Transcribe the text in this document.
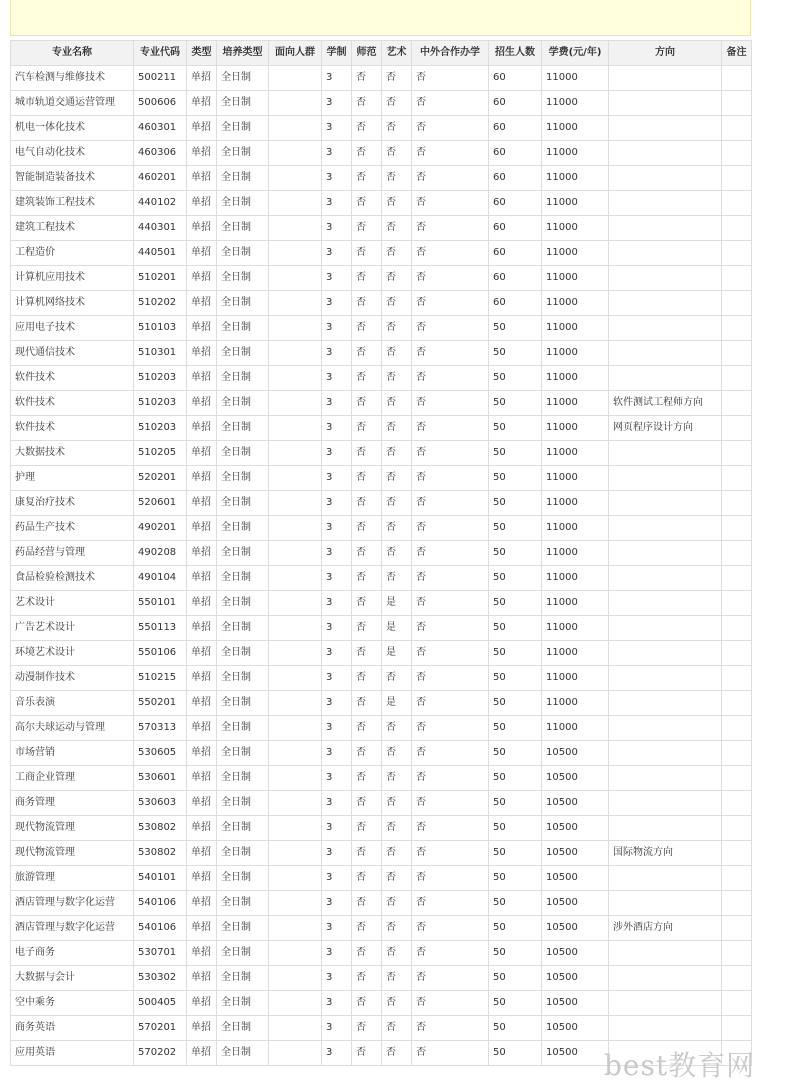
专业名称	专业代码	类型	培养类型	面向人群	学制	师范	艺术	中外合作办学	招生人数	学费(元/年)	方向	备注
汽车检测与维修技术	500211	单招	全日制		3	否	否	否	60	11000		
城市轨道交通运营管理	500606	单招	全日制		3	否	否	否	60	11000		
机电一体化技术	460301	单招	全日制		3	否	否	否	60	11000		
电气自动化技术	460306	单招	全日制		3	否	否	否	60	11000		
智能制造装备技术	460201	单招	全日制		3	否	否	否	60	11000		
建筑装饰工程技术	440102	单招	全日制		3	否	否	否	60	11000		
建筑工程技术	440301	单招	全日制		3	否	否	否	60	11000		
工程造价	440501	单招	全日制		3	否	否	否	60	11000		
计算机应用技术	510201	单招	全日制		3	否	否	否	60	11000		
计算机网络技术	510202	单招	全日制		3	否	否	否	60	11000		
应用电子技术	510103	单招	全日制		3	否	否	否	50	11000		
现代通信技术	510301	单招	全日制		3	否	否	否	50	11000		
软件技术	510203	单招	全日制		3	否	否	否	50	11000		
软件技术	510203	单招	全日制		3	否	否	否	50	11000	软件测试工程师方向	
软件技术	510203	单招	全日制		3	否	否	否	50	11000	网页程序设计方向	
大数据技术	510205	单招	全日制		3	否	否	否	50	11000		
护理	520201	单招	全日制		3	否	否	否	50	11000		
康复治疗技术	520601	单招	全日制		3	否	否	否	50	11000		
药品生产技术	490201	单招	全日制		3	否	否	否	50	11000		
药品经营与管理	490208	单招	全日制		3	否	否	否	50	11000		
食品检验检测技术	490104	单招	全日制		3	否	否	否	50	11000		
艺术设计	550101	单招	全日制		3	否	是	否	50	11000		
广告艺术设计	550113	单招	全日制		3	否	是	否	50	11000		
环境艺术设计	550106	单招	全日制		3	否	是	否	50	11000		
动漫制作技术	510215	单招	全日制		3	否	否	否	50	11000		
音乐表演	550201	单招	全日制		3	否	是	否	50	11000		
高尔夫球运动与管理	570313	单招	全日制		3	否	否	否	50	11000		
市场营销	530605	单招	全日制		3	否	否	否	50	10500		
工商企业管理	530601	单招	全日制		3	否	否	否	50	10500		
商务管理	530603	单招	全日制		3	否	否	否	50	10500		
现代物流管理	530802	单招	全日制		3	否	否	否	50	10500		
现代物流管理	530802	单招	全日制		3	否	否	否	50	10500	国际物流方向	
旅游管理	540101	单招	全日制		3	否	否	否	50	10500		
酒店管理与数字化运营	540106	单招	全日制		3	否	否	否	50	10500		
酒店管理与数字化运营	540106	单招	全日制		3	否	否	否	50	10500	涉外酒店方向	
电子商务	530701	单招	全日制		3	否	否	否	50	10500		
大数据与会计	530302	单招	全日制		3	否	否	否	50	10500		
空中乘务	500405	单招	全日制		3	否	否	否	50	10500		
商务英语	570201	单招	全日制		3	否	否	否	50	10500		
应用英语	570202	单招	全日制		3	否	否	否	50	10500		best教育网
